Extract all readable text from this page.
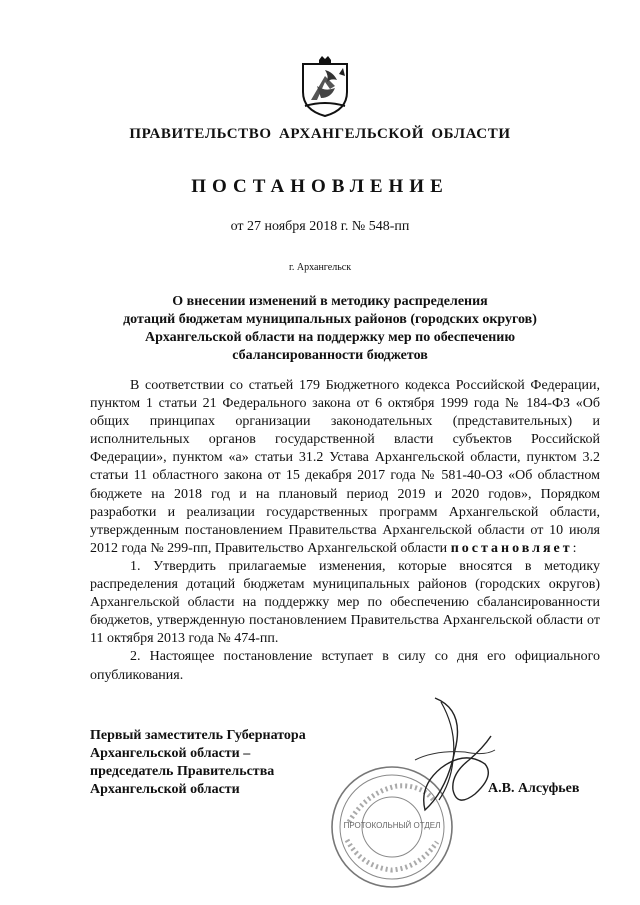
ПРАВИТЕЛЬСТВО АРХАНГЕЛЬСКОЙ ОБЛАСТИ
ПОСТАНОВЛЕНИЕ
от 27 ноября 2018 г. № 548-пп
г. Архангельск
О внесении изменений в методику распределения
дотаций бюджетам муниципальных районов (городских округов)
Архангельской области на поддержку мер по обеспечению
сбалансированности бюджетов

В соответствии со статьей 179 Бюджетного кодекса Российской Федерации, пунктом 1 статьи 21 Федерального закона от 6 октября 1999 года № 184-ФЗ «Об общих принципах организации законодательных (представительных) и исполнительных органов государственной власти субъектов Российской Федерации», пунктом «а» статьи 31.2 Устава Архангельской области, пунктом 3.2 статьи 11 областного закона от 15 декабря 2017 года № 581-40-ОЗ «Об областном бюджете на 2018 год и на плановый период 2019 и 2020 годов», Порядком разработки и реализации государственных программ Архангельской области, утвержденным постановлением Правительства Архангельской области от 10 июля 2012 года № 299-пп, Правительство Архангельской области постановляет:

1. Утвердить прилагаемые изменения, которые вносятся в методику распределения дотаций бюджетам муниципальных районов (городских округов) Архангельской области на поддержку мер по обеспечению сбалансированности бюджетов, утвержденную постановлением Правительства Архангельской области от 11 октября 2013 года № 474-пп.

2. Настоящее постановление вступает в силу со дня его официального опубликования.

Первый заместитель Губернатора
Архангельской области –
председатель Правительства
Архангельской области
ПРОТОКОЛЬНЫЙ ОТДЕЛ
А.В. Алсуфьев
